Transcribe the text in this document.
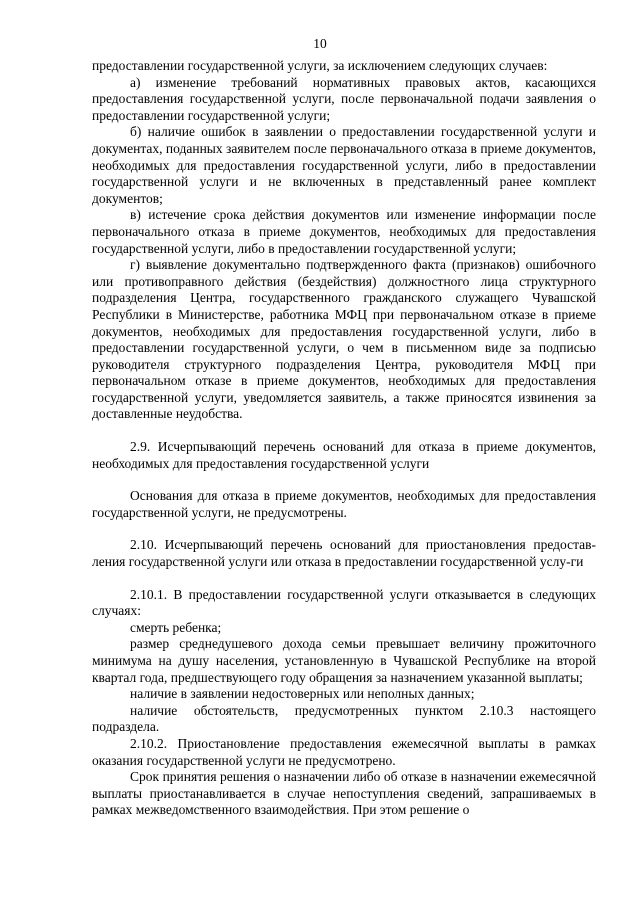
10

предоставлении государственной услуги, за исключением следующих случаев:

а) изменение требований нормативных правовых актов, касающихся предоставления государственной услуги, после первоначальной подачи заявления о предоставлении государственной услуги;

б) наличие ошибок в заявлении о предоставлении государственной услуги и документах, поданных заявителем после первоначального отказа в приеме документов, необходимых для предоставления государственной услуги, либо в предоставлении государственной услуги и не включенных в представленный ранее комплект документов;

в) истечение срока действия документов или изменение информации после первоначального отказа в приеме документов, необходимых для предоставления государственной услуги, либо в предоставлении государственной услуги;

г) выявление документально подтвержденного факта (признаков) ошибочного или противоправного действия (бездействия) должностного лица структурного подразделения Центра, государственного гражданского служащего Чувашской Республики в Министерстве, работника МФЦ при первоначальном отказе в приеме документов, необходимых для предоставления государственной услуги, либо в предоставлении государственной услуги, о чем в письменном виде за подписью руководителя структурного подразделения Центра, руководителя МФЦ при первоначальном отказе в приеме документов, необходимых для предоставления государственной услуги, уведомляется заявитель, а также приносятся извинения за доставленные неудобства.

2.9. Исчерпывающий перечень оснований для отказа в приеме документов, необходимых для предоставления государственной услуги

Основания для отказа в приеме документов, необходимых для предоставления государственной услуги, не предусмотрены.

2.10. Исчерпывающий перечень оснований для приостановления предостав-ления государственной услуги или отказа в предоставлении государственной услу-ги

2.10.1. В предоставлении государственной услуги отказывается в следующих случаях:

смерть ребенка;

размер среднедушевого дохода семьи превышает величину прожиточного минимума на душу населения, установленную в Чувашской Республике на второй квартал года, предшествующего году обращения за назначением указанной выплаты;

наличие в заявлении недостоверных или неполных данных;

наличие обстоятельств, предусмотренных пунктом 2.10.3 настоящего подраздела.

2.10.2. Приостановление предоставления ежемесячной выплаты в рамках оказания государственной услуги не предусмотрено.

Срок принятия решения о назначении либо об отказе в назначении ежемесячной выплаты приостанавливается в случае непоступления сведений, запрашиваемых в рамках межведомственного взаимодействия. При этом решение о
